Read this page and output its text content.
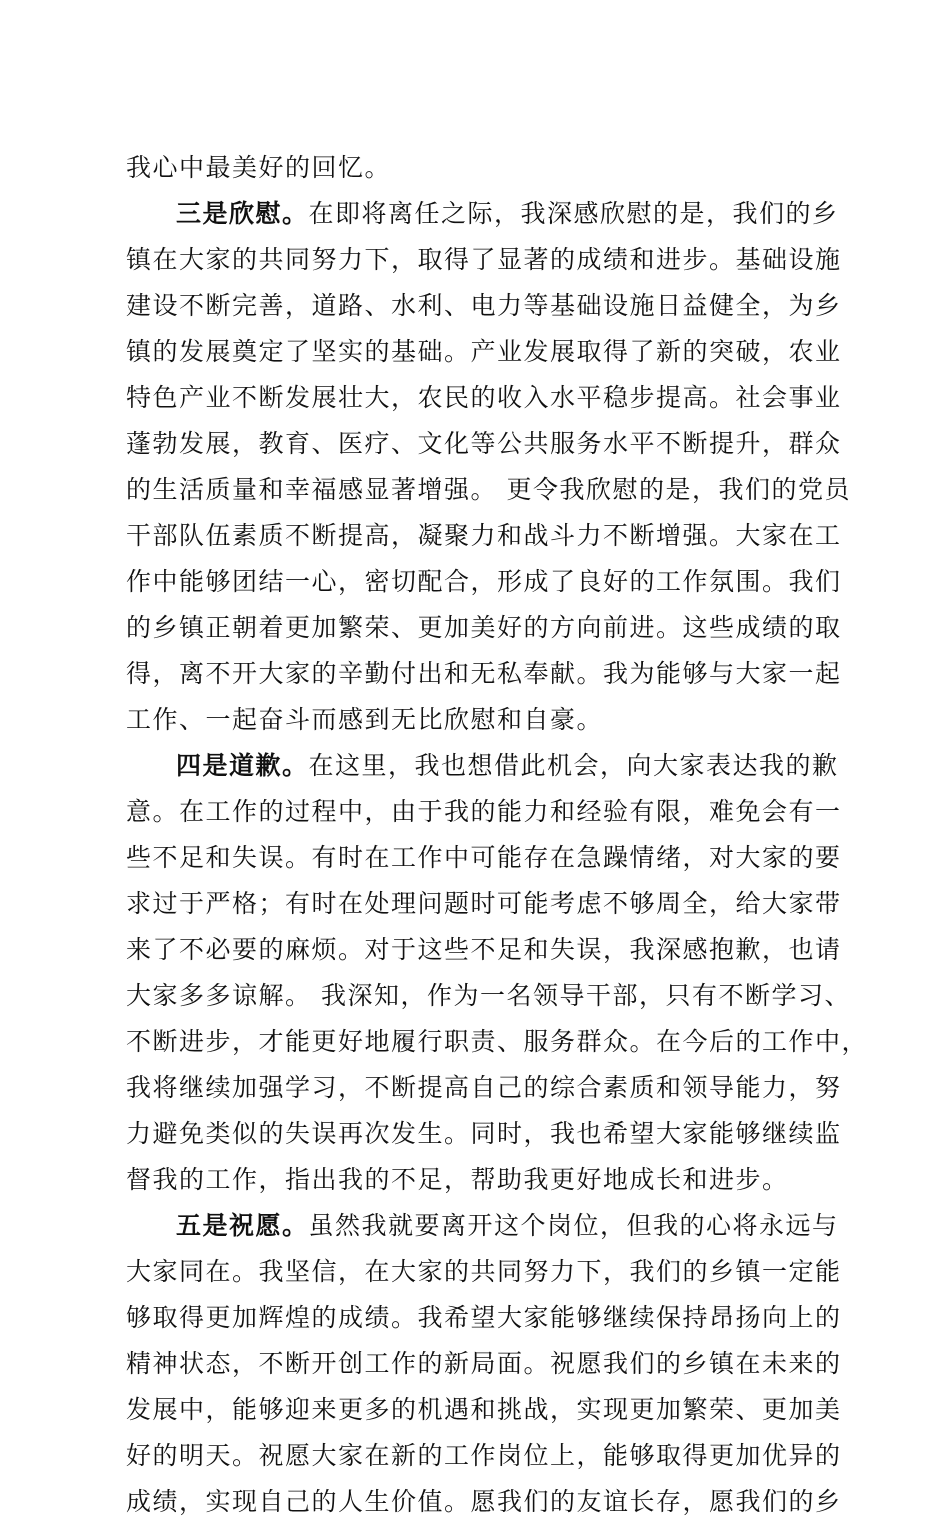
我心中最美好的回忆。
三是欣慰。在即将离任之际，我深感欣慰的是，我们的乡
镇在大家的共同努力下，取得了显著的成绩和进步。基础设施
建设不断完善，道路、水利、电力等基础设施日益健全，为乡
镇的发展奠定了坚实的基础。产业发展取得了新的突破，农业
特色产业不断发展壮大，农民的收入水平稳步提高。社会事业
蓬勃发展，教育、医疗、文化等公共服务水平不断提升，群众
的生活质量和幸福感显著增强。 更令我欣慰的是，我们的党员
干部队伍素质不断提高，凝聚力和战斗力不断增强。大家在工
作中能够团结一心，密切配合，形成了良好的工作氛围。我们
的乡镇正朝着更加繁荣、更加美好的方向前进。这些成绩的取
得，离不开大家的辛勤付出和无私奉献。我为能够与大家一起
工作、一起奋斗而感到无比欣慰和自豪。
四是道歉。在这里，我也想借此机会，向大家表达我的歉
意。在工作的过程中，由于我的能力和经验有限，难免会有一
些不足和失误。有时在工作中可能存在急躁情绪，对大家的要
求过于严格；有时在处理问题时可能考虑不够周全，给大家带
来了不必要的麻烦。对于这些不足和失误，我深感抱歉，也请
大家多多谅解。 我深知，作为一名领导干部，只有不断学习、
不断进步，才能更好地履行职责、服务群众。在今后的工作中，
我将继续加强学习，不断提高自己的综合素质和领导能力，努
力避免类似的失误再次发生。同时，我也希望大家能够继续监
督我的工作，指出我的不足，帮助我更好地成长和进步。
五是祝愿。虽然我就要离开这个岗位，但我的心将永远与
大家同在。我坚信，在大家的共同努力下，我们的乡镇一定能
够取得更加辉煌的成绩。我希望大家能够继续保持昂扬向上的
精神状态，不断开创工作的新局面。祝愿我们的乡镇在未来的
发展中，能够迎来更多的机遇和挑战，实现更加繁荣、更加美
好的明天。祝愿大家在新的工作岗位上，能够取得更加优异的
成绩，实现自己的人生价值。愿我们的友谊长存，愿我们的乡
